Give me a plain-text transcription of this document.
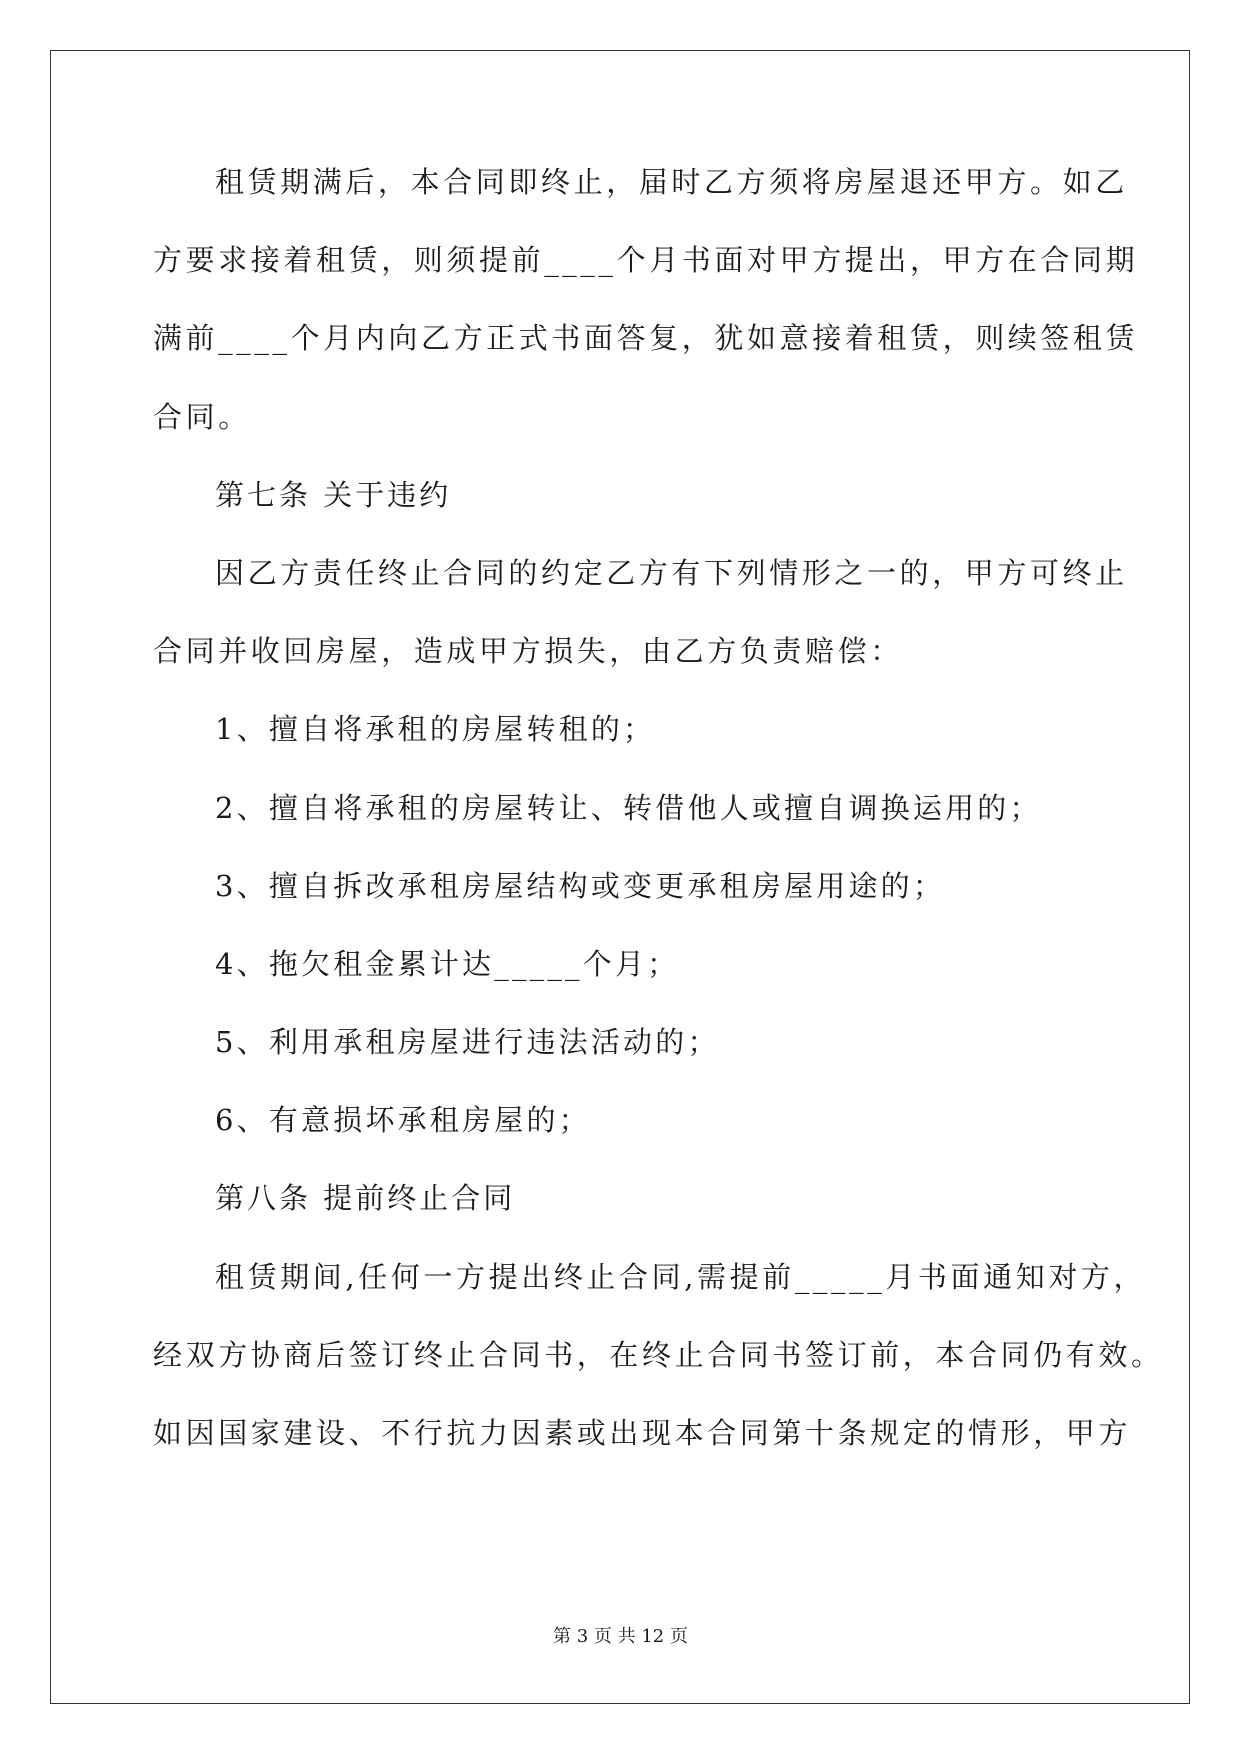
租赁期满后，本合同即终止，届时乙方须将房屋退还甲方。如乙
方要求接着租赁，则须提前____个月书面对甲方提出，甲方在合同期
满前____个月内向乙方正式书面答复，犹如意接着租赁，则续签租赁
合同。
第七条 关于违约
因乙方责任终止合同的约定乙方有下列情形之一的，甲方可终止
合同并收回房屋，造成甲方损失，由乙方负责赔偿：
1、擅自将承租的房屋转租的；
2、擅自将承租的房屋转让、转借他人或擅自调换运用的；
3、擅自拆改承租房屋结构或变更承租房屋用途的；
4、拖欠租金累计达_____个月；
5、利用承租房屋进行违法活动的；
6、有意损坏承租房屋的；
第八条 提前终止合同
租赁期间,任何一方提出终止合同,需提前_____月书面通知对方，
经双方协商后签订终止合同书，在终止合同书签订前，本合同仍有效。
如因国家建设、不行抗力因素或出现本合同第十条规定的情形，甲方
第 3 页 共 12 页
